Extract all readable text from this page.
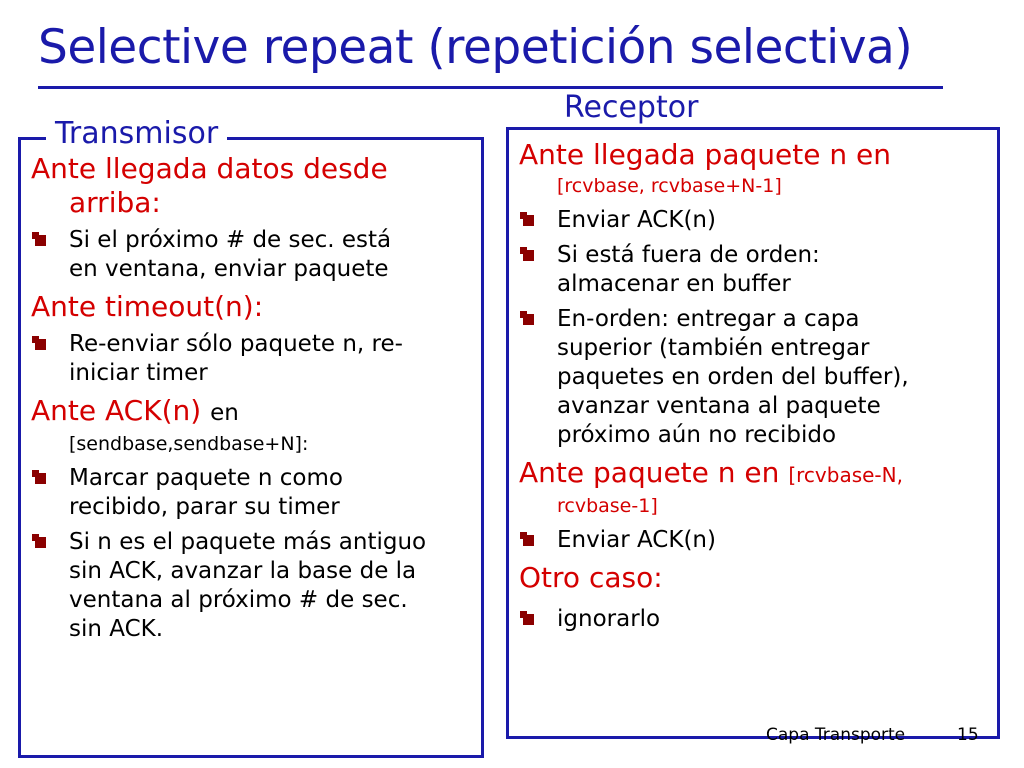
Selective repeat (repetición selectiva)
Transmisor

Ante llegada datos desde
arriba:

Si el próximo # de sec. está
en ventana, enviar paquete

Ante timeout(n):

Re-enviar sólo paquete n, re-
iniciar timer

Ante ACK(n) en

[sendbase,sendbase+N]:

Marcar paquete n como
recibido, parar su timer
Si n es el paquete más antiguo
sin ACK, avanzar la base de la
ventana al próximo # de sec.
sin ACK.
Receptor

Ante llegada paquete n en

[rcvbase, rcvbase+N-1]

Enviar ACK(n)
Si está fuera de orden:
almacenar en buffer
En-orden: entregar a capa
superior (también entregar
paquetes en orden del buffer),
avanzar ventana al paquete
próximo aún no recibido

Ante paquete n en [rcvbase-N,

rcvbase-1]

Enviar ACK(n)

Otro caso:

ignorarlo
Capa Transporte	15
